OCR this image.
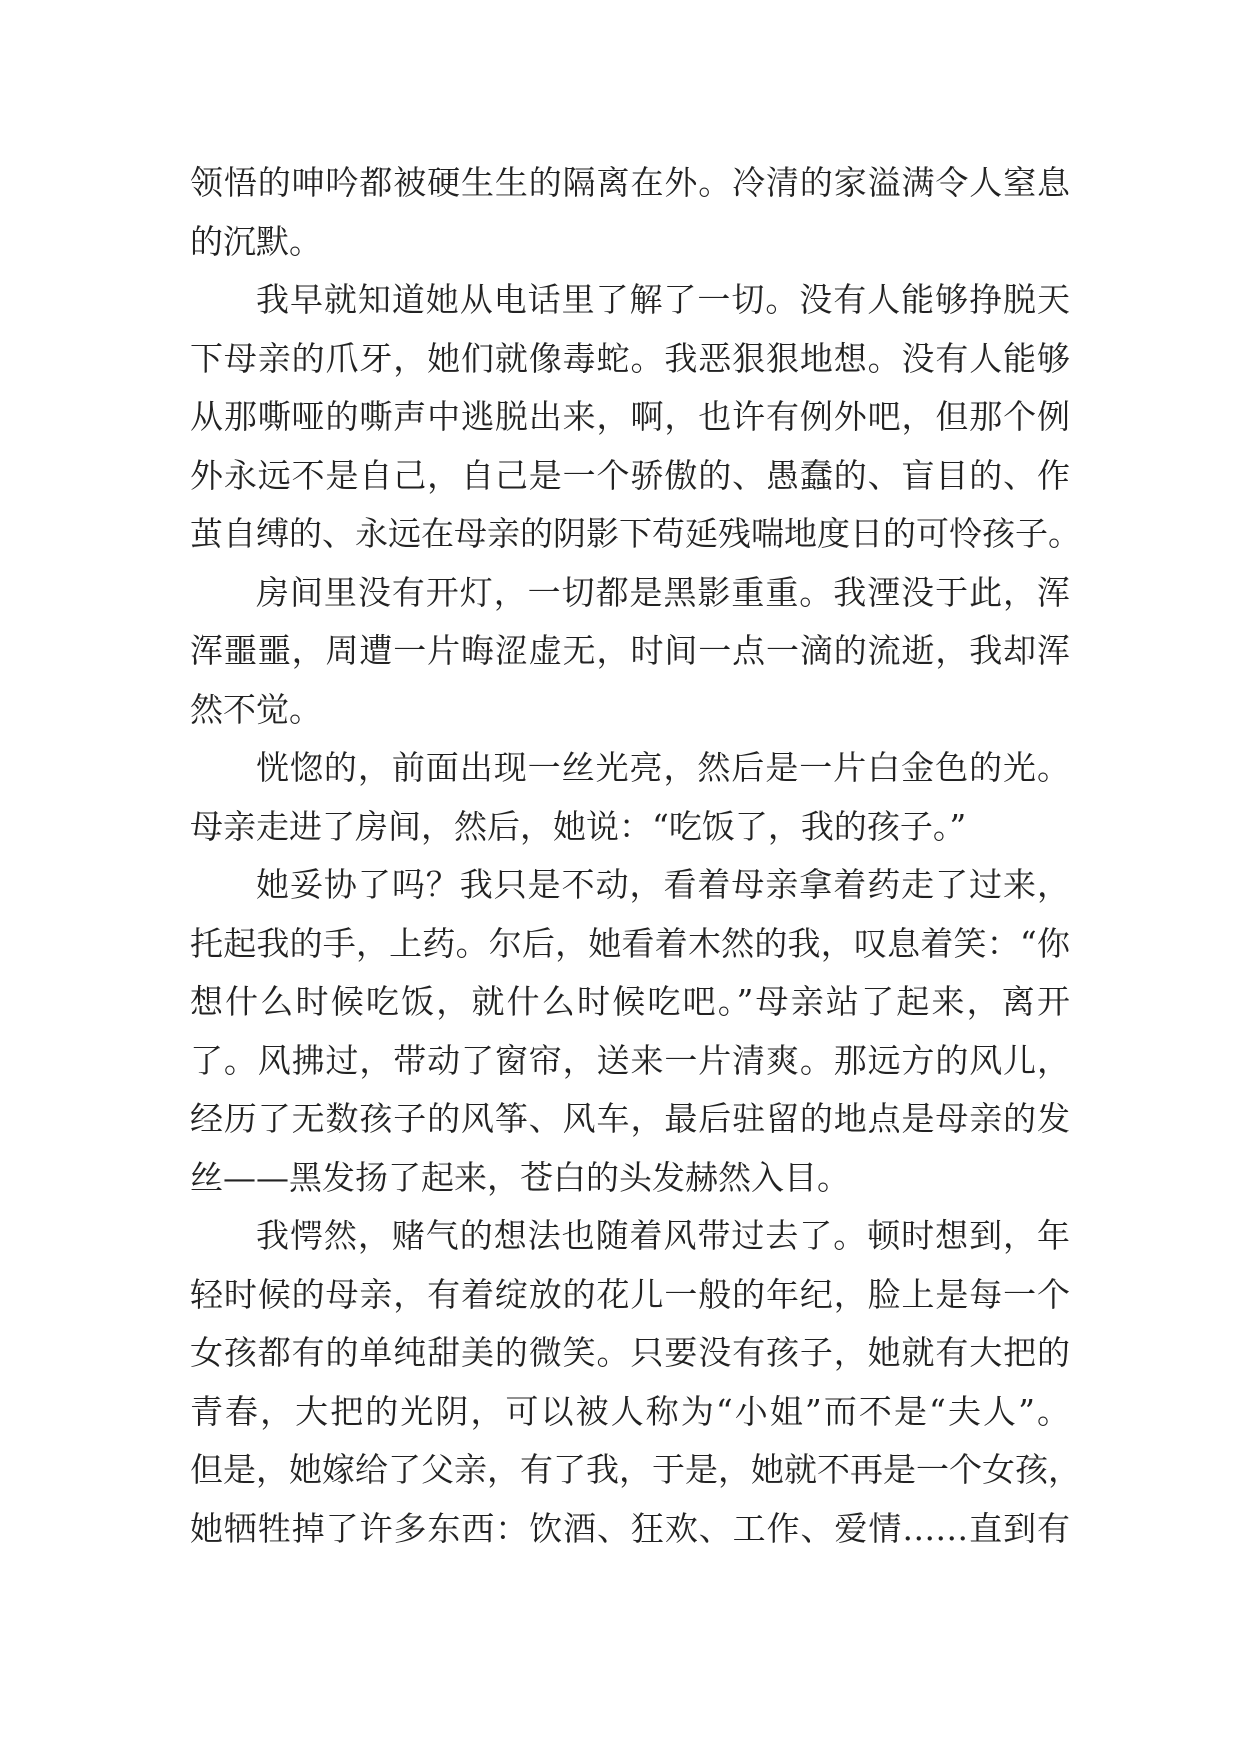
领悟的呻吟都被硬生生的隔离在外。冷清的家溢满令人窒息
的沉默。
我早就知道她从电话里了解了一切。没有人能够挣脱天
下母亲的爪牙，她们就像毒蛇。我恶狠狠地想。没有人能够
从那嘶哑的嘶声中逃脱出来，啊，也许有例外吧，但那个例
外永远不是自己，自己是一个骄傲的、愚蠢的、盲目的、作
茧自缚的、永远在母亲的阴影下苟延残喘地度日的可怜孩子。
房间里没有开灯，一切都是黑影重重。我湮没于此，浑
浑噩噩，周遭一片晦涩虚无，时间一点一滴的流逝，我却浑
然不觉。
恍惚的，前面出现一丝光亮，然后是一片白金色的光。
母亲走进了房间，然后，她说：“吃饭了，我的孩子。”
她妥协了吗？我只是不动，看着母亲拿着药走了过来，
托起我的手，上药。尔后，她看着木然的我，叹息着笑：“你
想什么时候吃饭，就什么时候吃吧。”母亲站了起来，离开
了。风拂过，带动了窗帘，送来一片清爽。那远方的风儿，
经历了无数孩子的风筝、风车，最后驻留的地点是母亲的发
丝——黑发扬了起来，苍白的头发赫然入目。
我愕然，赌气的想法也随着风带过去了。顿时想到，年
轻时候的母亲，有着绽放的花儿一般的年纪，脸上是每一个
女孩都有的单纯甜美的微笑。只要没有孩子，她就有大把的
青春，大把的光阴，可以被人称为“小姐”而不是“夫人”。
但是，她嫁给了父亲，有了我，于是，她就不再是一个女孩，
她牺牲掉了许多东西：饮酒、狂欢、工作、爱情……直到有
